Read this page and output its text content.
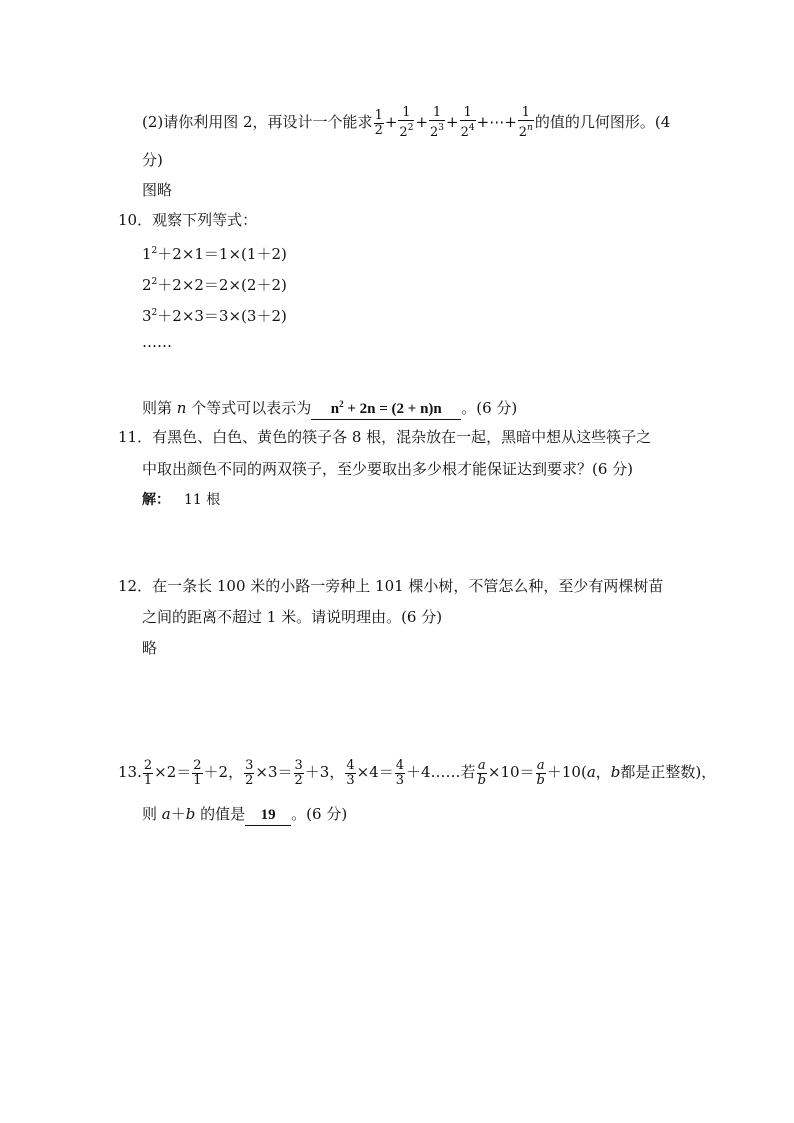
(2)请你利用图 2，再设计一个能求 $\frac{1}{2} + \frac{1}{2^2} + \frac{1}{2^3} + \frac{1}{2^4}$ +⋯+ $\frac{1}{2^n}$ 的值的几何图形。(4
分)
图略
10．观察下列等式：
$1^2+2\times 1=1\times(1+2)$
$2^2+2\times 2=2\times(2+2)$
$3^2+2\times 3=3\times(3+2)$
……
则第 n 个等式可以表示为 $n^2 + 2n = (2 + n)n$ 。(6 分)
11．有黑色、白色、黄色的筷子各 8 根，混杂放在一起，黑暗中想从这些筷子之
中取出颜色不同的两双筷子，至少要取出多少根才能保证达到要求？(6 分)
解： 11 根
12．在一条长 100 米的小路一旁种上 101 棵小树，不管怎么种，至少有两棵树苗
之间的距离不超过 1 米。请说明理由。(6 分)
略
13. $\frac{2}{1} \times 2= \frac{2}{1} +2$， $\frac{3}{2} \times 3= \frac{3}{2} +3$， $\frac{4}{3} \times 4= \frac{4}{3}$ ＋4……若 $\frac{a}{b} \times 10= \frac{a}{b} +10(a$，b都是正整数)，
则 a＋b 的值是 19 。(6 分)
